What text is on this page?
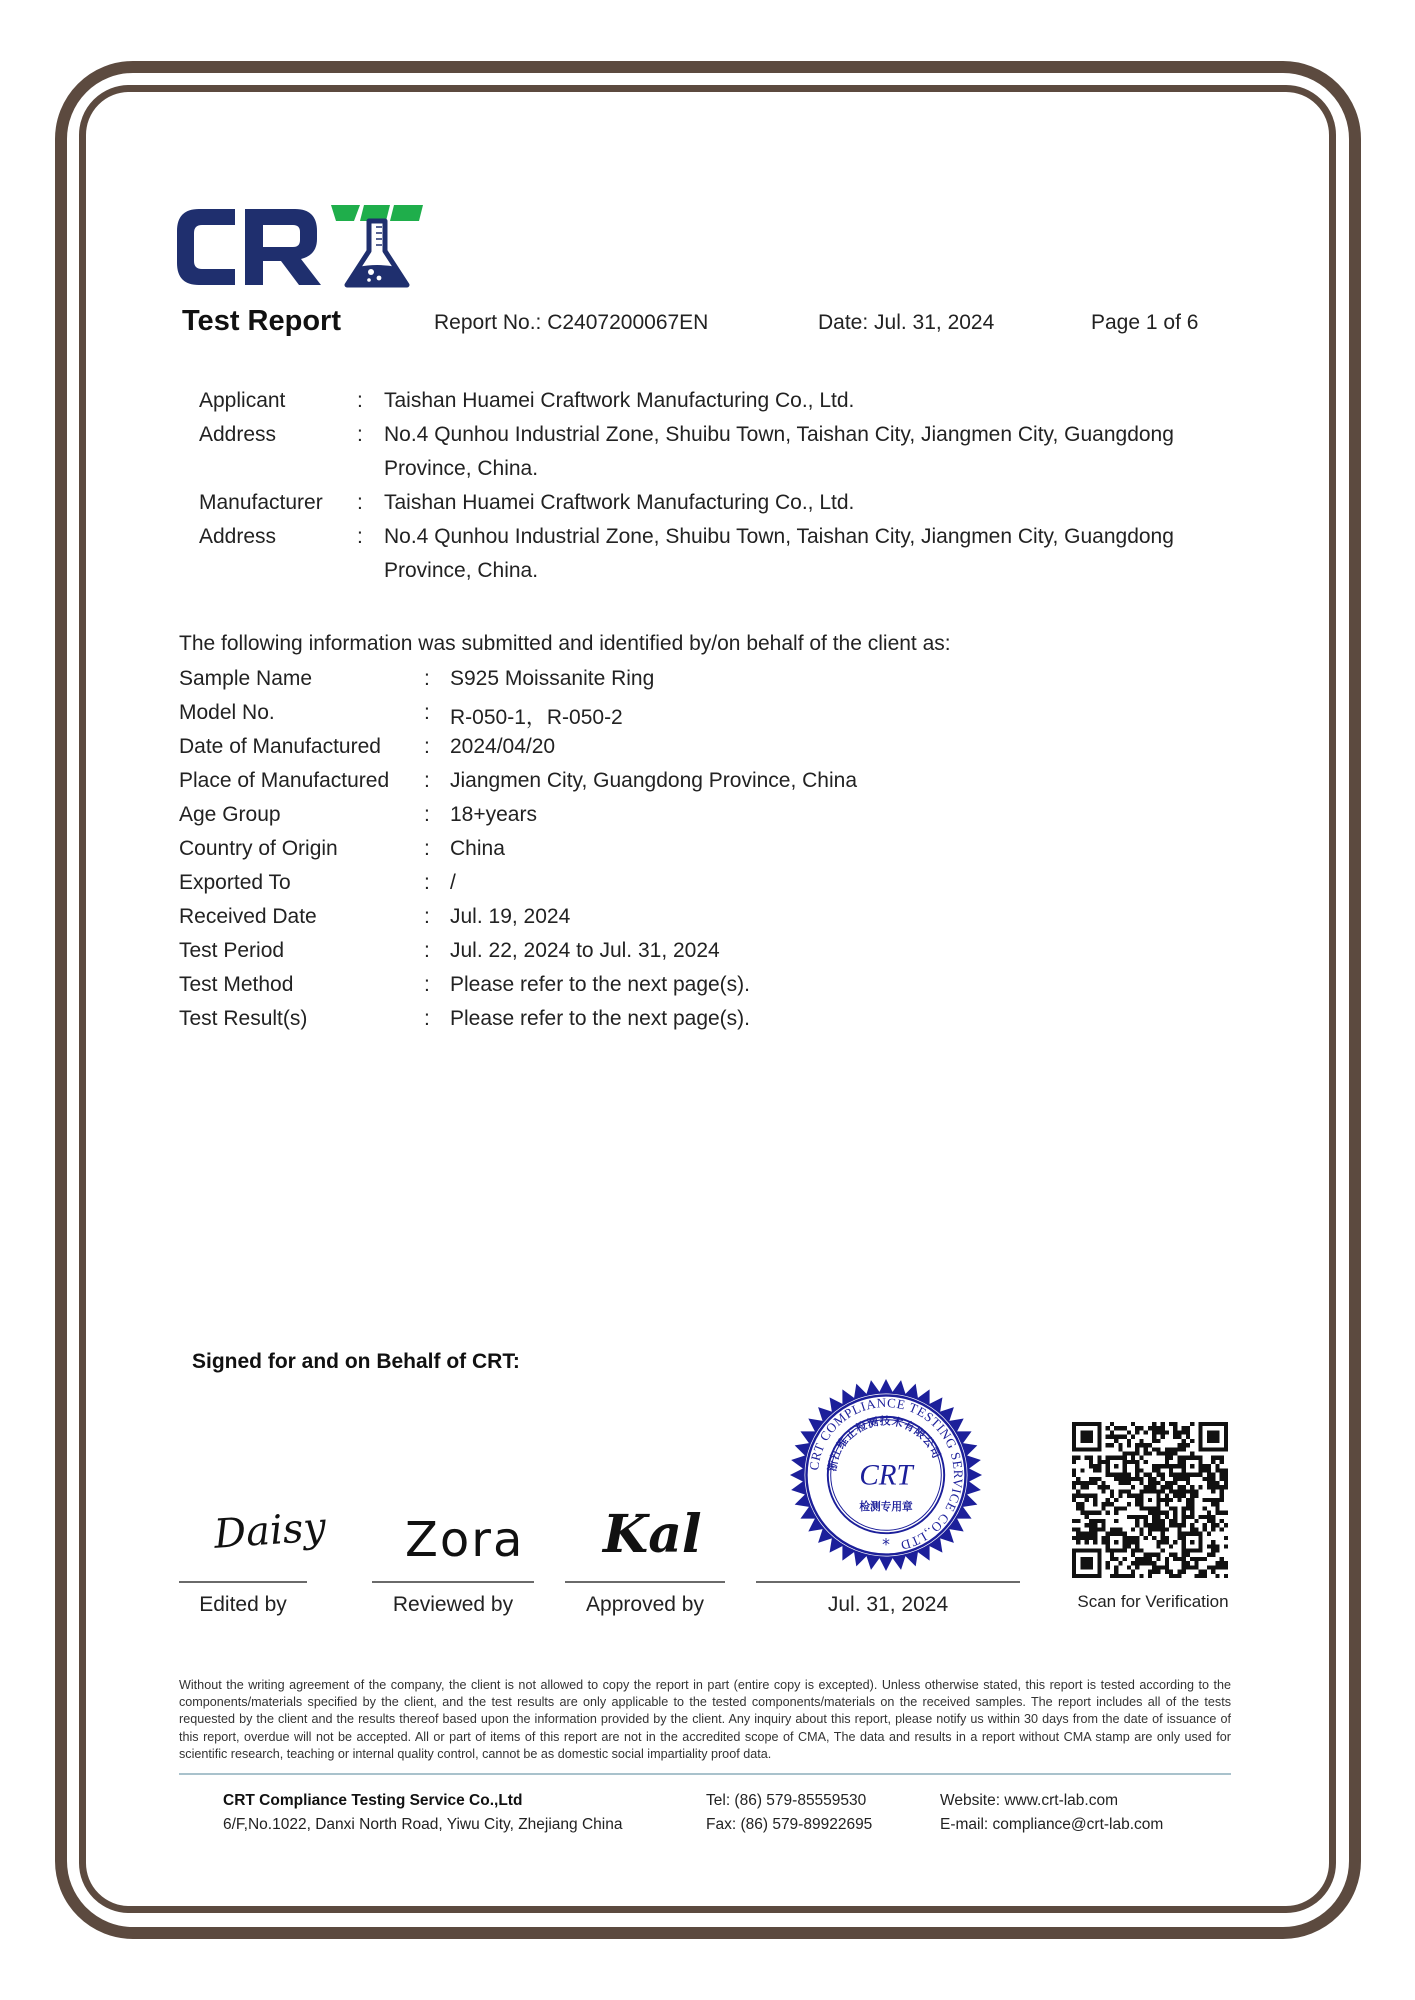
Test Report	Report No.: C2407200067EN	Date: Jul. 31, 2024	Page 1 of 6
Applicant	: Taishan Huamei Craftwork Manufacturing Co., Ltd.
Address	: No.4 Qunhou Industrial Zone, Shuibu Town, Taishan City, Jiangmen City, Guangdong
Province, China.
Manufacturer : Taishan Huamei Craftwork Manufacturing Co., Ltd.
Address	: No.4 Qunhou Industrial Zone, Shuibu Town, Taishan City, Jiangmen City, Guangdong
Province, China.
The following information was submitted and identified by/on behalf of the client as:
Sample Name	: S925 Moissanite Ring
Model No.	: R-050-1，R-050-2
Date of Manufactured : 2024/04/20
Place of Manufactured : Jiangmen City, Guangdong Province, China
Age Group	: 18+years
Country of Origin	: China
Exported To	: /
Received Date	: Jul. 19, 2024
Test Period	: Jul. 22, 2024 to Jul. 31, 2024
Test Method	: Please refer to the next page(s).
Test Result(s)	: Please refer to the next page(s).
Signed for and on Behalf of CRT:
Daisy Zora Kal
Edited by	Reviewed by	Approved by	Jul. 31, 2024
CRT COMPLIANCE TESTING SERVICE CO.,LTD
浙江维正检测技术有限公司
CRT
检测专用章
*
Scan for Verification
Without the writing agreement of the company, the client is not allowed to copy the report in part (entire copy is excepted). Unless otherwise stated, this report is tested according to the components/materials specified by the client, and the test results are only applicable to the tested components/materials on the received samples. The report includes all of the tests requested by the client and the results thereof based upon the information provided by the client. Any inquiry about this report, please notify us within 30 days from the date of issuance of this report, overdue will not be accepted. All or part of items of this report are not in the accredited scope of CMA, The data and results in a report without CMA stamp are only used for scientific research, teaching or internal quality control, cannot be as domestic social impartiality proof data.
CRT Compliance Testing Service Co.,Ltd
6/F,No.1022, Danxi North Road, Yiwu City, Zhejiang China
Tel: (86) 579-85559530
Fax: (86) 579-89922695
Website: www.crt-lab.com
E-mail: compliance@crt-lab.com
